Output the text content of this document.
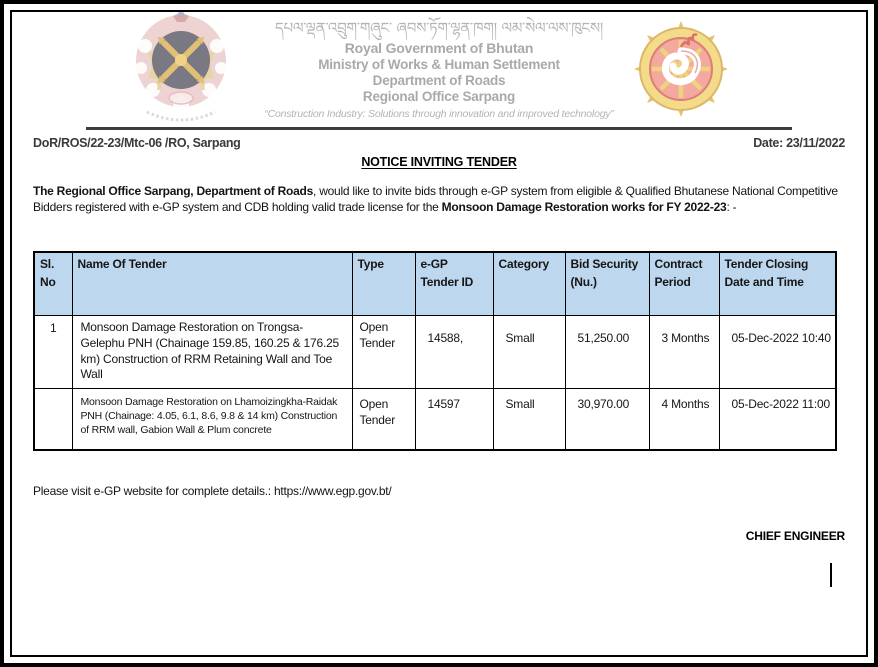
དཔལ་ལྡན་འབྲུག་གཞུང་ ཞབས་ཏོག་ལྷན་ཁག། ལམ་སེལ་ལས་ཁུངས།
Royal Government of Bhutan
Ministry of Works & Human Settlement
Department of Roads
Regional Office Sarpang
“Construction Industry: Solutions through innovation and improved technology”
DoR/ROS/22-23/Mtc-06 /RO, Sarpang	Date: 23/11/2022
NOTICE INVITING TENDER
The Regional Office Sarpang, Department of Roads, would like to invite bids through e-GP system from eligible & Qualified Bhutanese National Competitive Bidders registered with e-GP system and CDB holding valid trade license for the Monsoon Damage Restoration works for FY 2022-23: -
Sl. No	Name Of Tender	Type	e-GP Tender ID	Category	Bid Security (Nu.)	Contract Period	Tender Closing Date and Time
1	Monsoon Damage Restoration on Trongsa-Gelephu PNH (Chainage 159.85, 160.25 & 176.25 km) Construction of RRM Retaining Wall and Toe Wall	Open Tender	14588,	Small	51,250.00	3 Months	05-Dec-2022 10:40
	Monsoon Damage Restoration on Lhamoizingkha-Raidak PNH (Chainage: 4.05, 6.1, 8.6, 9.8 & 14 km) Construction of RRM wall, Gabion Wall & Plum concrete	Open Tender	14597	Small	30,970.00	4 Months	05-Dec-2022 11:00
Please visit e-GP website for complete details.: https://www.egp.gov.bt/
CHIEF ENGINEER
